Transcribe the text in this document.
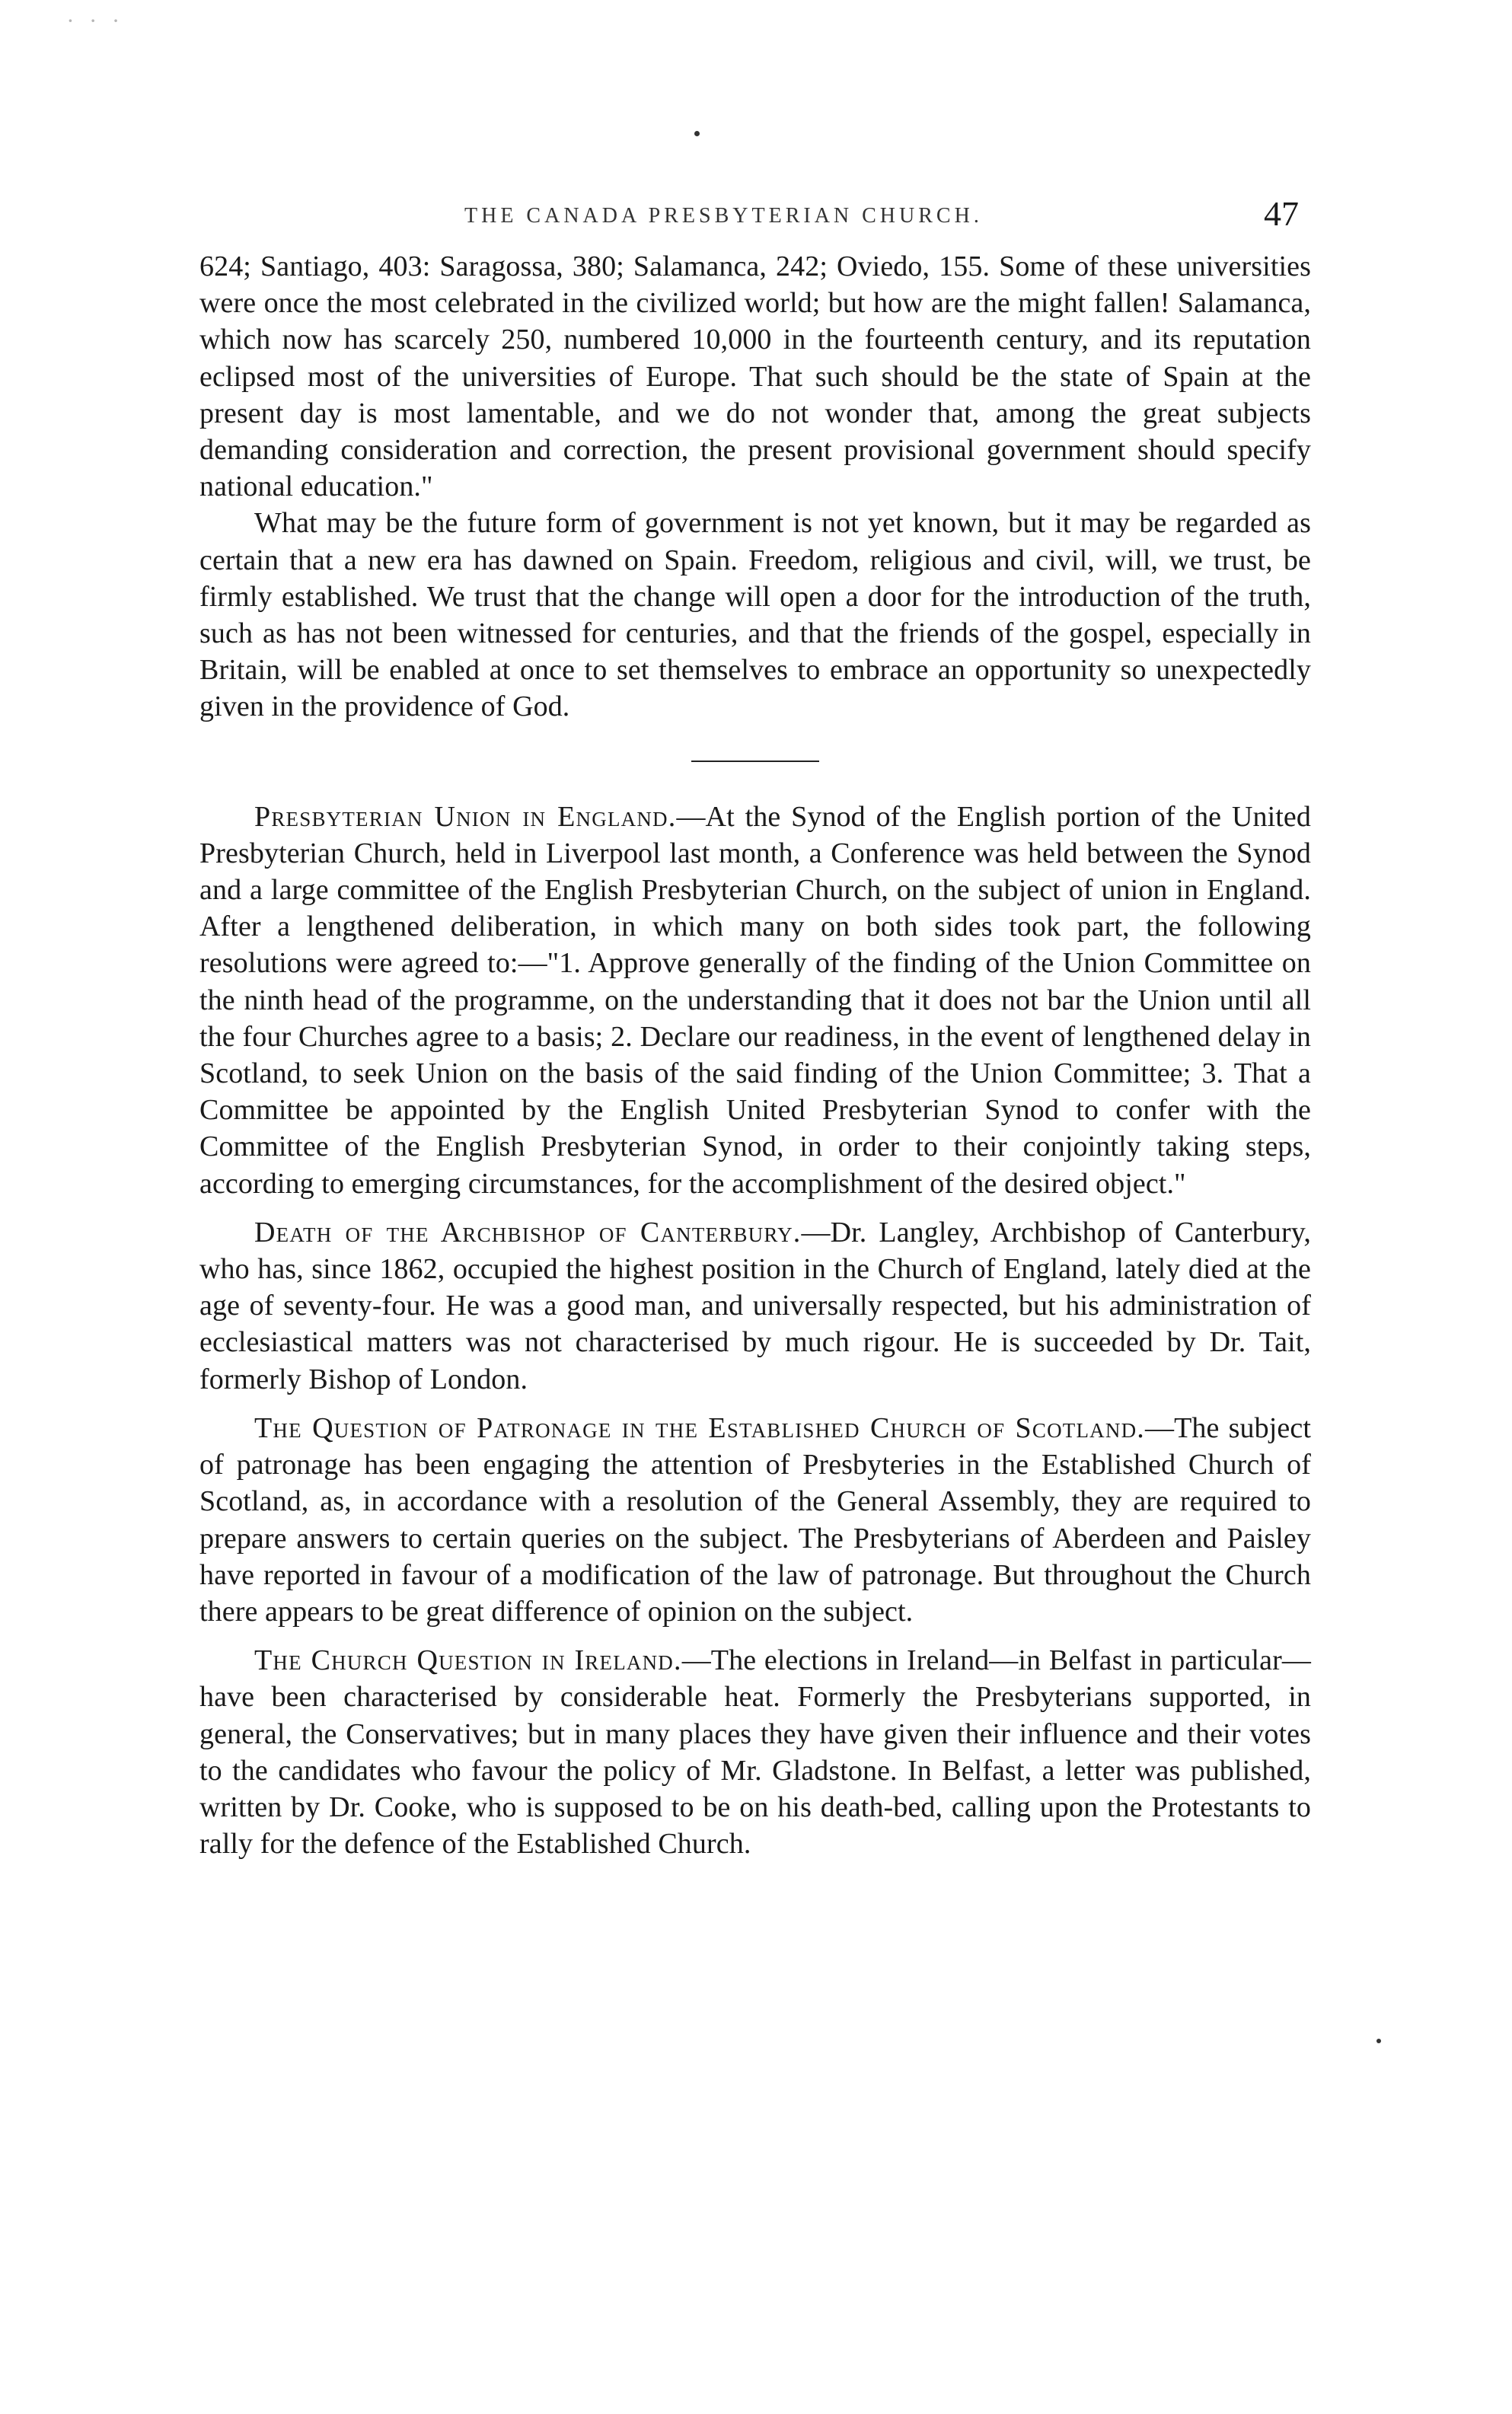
· · ·
THE CANADA PRESBYTERIAN CHURCH.	47

624; Santiago, 403: Saragossa, 380; Salamanca, 242; Oviedo, 155. Some of these universities were once the most celebrated in the civilized world; but how are the might fallen! Salamanca, which now has scarcely 250, numbered 10,000 in the fourteenth century, and its reputation eclipsed most of the universities of Europe. That such should be the state of Spain at the present day is most lamentable, and we do not wonder that, among the great subjects demanding consideration and correction, the present provisional government should specify national education."

What may be the future form of government is not yet known, but it may be regarded as certain that a new era has dawned on Spain. Freedom, religious and civil, will, we trust, be firmly established. We trust that the change will open a door for the introduction of the truth, such as has not been witnessed for centuries, and that the friends of the gospel, especially in Britain, will be enabled at once to set themselves to embrace an opportunity so unexpectedly given in the providence of God.

Presbyterian Union in England.—At the Synod of the English portion of the United Presbyterian Church, held in Liverpool last month, a Conference was held between the Synod and a large committee of the English Presbyterian Church, on the subject of union in England. After a lengthened deliberation, in which many on both sides took part, the following resolutions were agreed to:—"1. Approve generally of the finding of the Union Committee on the ninth head of the programme, on the understanding that it does not bar the Union until all the four Churches agree to a basis; 2. Declare our readiness, in the event of lengthened delay in Scotland, to seek Union on the basis of the said finding of the Union Committee; 3. That a Committee be appointed by the English United Presbyterian Synod to confer with the Committee of the English Presbyterian Synod, in order to their conjointly taking steps, according to emerging circumstances, for the accomplishment of the desired object."

Death of the Archbishop of Canterbury.—Dr. Langley, Archbishop of Canterbury, who has, since 1862, occupied the highest position in the Church of England, lately died at the age of seventy-four. He was a good man, and universally respected, but his administration of ecclesiastical matters was not characterised by much rigour. He is succeeded by Dr. Tait, formerly Bishop of London.

The Question of Patronage in the Established Church of Scotland.—The subject of patronage has been engaging the attention of Presbyteries in the Established Church of Scotland, as, in accordance with a resolution of the General Assembly, they are required to prepare answers to certain queries on the subject. The Presbyterians of Aberdeen and Paisley have reported in favour of a modification of the law of patronage. But throughout the Church there appears to be great difference of opinion on the subject.

The Church Question in Ireland.—The elections in Ireland—in Belfast in particular—have been characterised by considerable heat. Formerly the Presbyterians supported, in general, the Conservatives; but in many places they have given their influence and their votes to the candidates who favour the policy of Mr. Gladstone. In Belfast, a letter was published, written by Dr. Cooke, who is supposed to be on his death-bed, calling upon the Protestants to rally for the defence of the Established Church.
